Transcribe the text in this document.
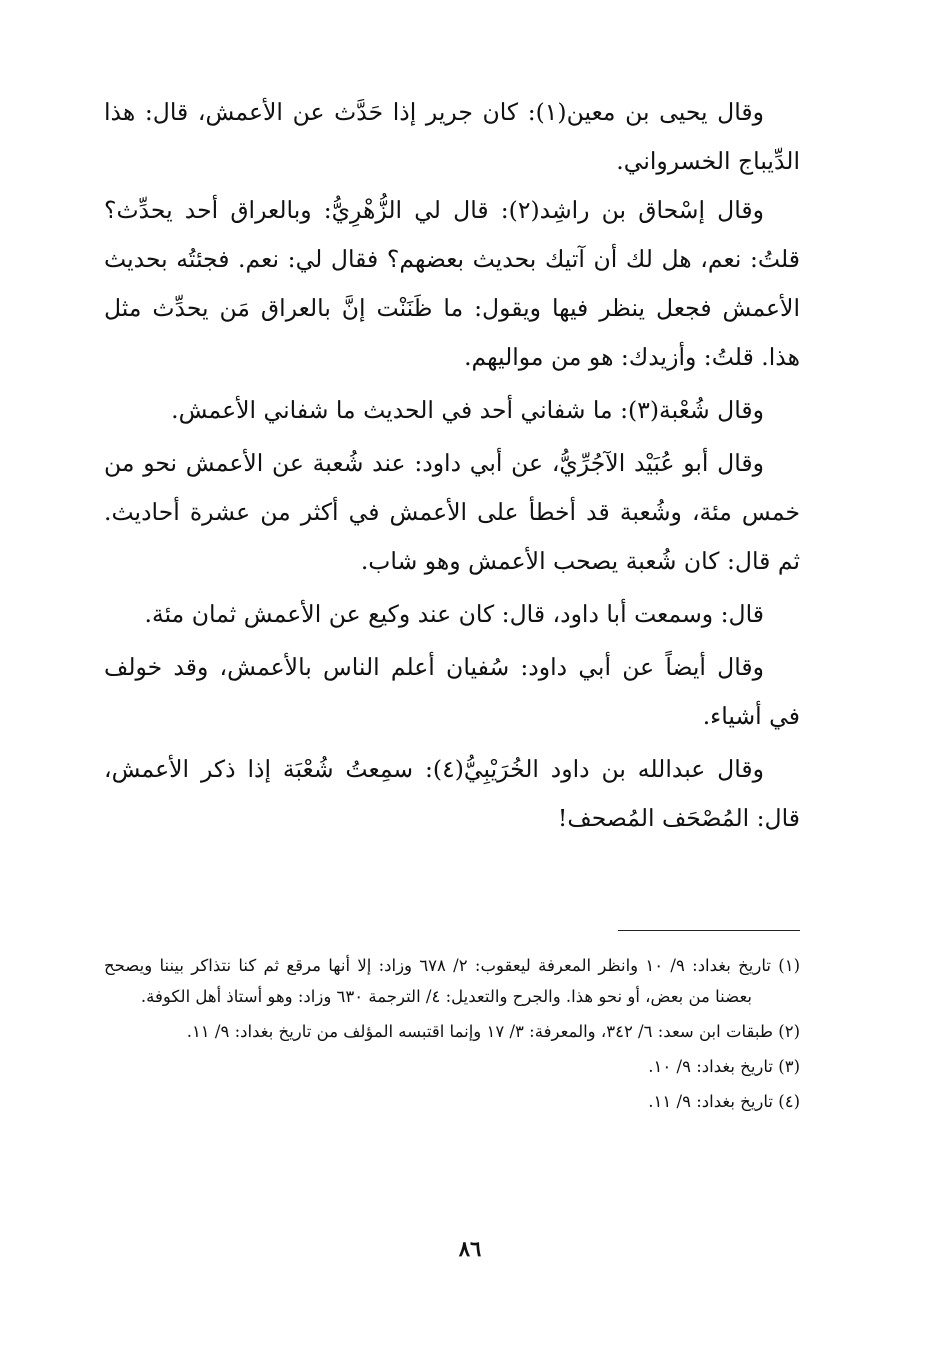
وقال يحيى بن معين(١): كان جرير إذا حَدَّث عن الأعمش، قال: هذا الدِّيباج الخسرواني.

وقال إسْحاق بن راشِد(٢): قال لي الزُّهْرِيُّ: وبالعراق أحد يحدِّث؟ قلتُ: نعم، هل لك أن آتيك بحديث بعضهم؟ فقال لي: نعم. فجئتُه بحديث الأعمش فجعل ينظر فيها ويقول: ما ظَنَنْت إنَّ بالعراق مَن يحدِّث مثل هذا. قلتُ: وأزيدك: هو من مواليهم.

وقال شُعْبة(٣): ما شفاني أحد في الحديث ما شفاني الأعمش.

وقال أبو عُبَيْد الآجُرِّيُّ، عن أبي داود: عند شُعبة عن الأعمش نحو من خمس مئة، وشُعبة قد أخطأ على الأعمش في أكثر من عشرة أحاديث. ثم قال: كان شُعبة يصحب الأعمش وهو شاب.

قال: وسمعت أبا داود، قال: كان عند وكيع عن الأعمش ثمان مئة.

وقال أيضاً عن أبي داود: سُفيان أعلم الناس بالأعمش، وقد خولف في أشياء.

وقال عبدالله بن داود الخُرَيْبِيُّ(٤): سمِعتُ شُعْبَة إذا ذكر الأعمش، قال: المُصْحَف المُصحف!

(١) تاريخ بغداد: ٩/ ١٠ وانظر المعرفة ليعقوب: ٢/ ٦٧٨ وزاد: إلا أنها مرقع ثم كنا نتذاكر بيننا ويصحح بعضنا من بعض، أو نحو هذا. والجرح والتعديل: ٤/ الترجمة ٦٣٠ وزاد: وهو أستاذ أهل الكوفة.

(٢) طبقات ابن سعد: ٦/ ٣٤٢، والمعرفة: ٣/ ١٧ وإنما اقتبسه المؤلف من تاريخ بغداد: ٩/ ١١.

(٣) تاريخ بغداد: ٩/ ١٠.

(٤) تاريخ بغداد: ٩/ ١١.

٨٦
